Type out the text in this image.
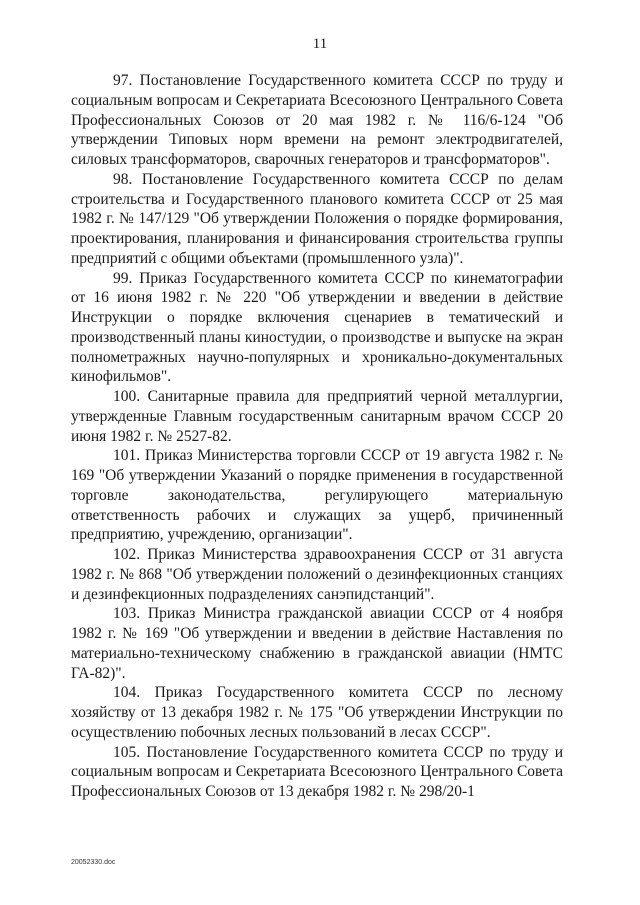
11

97. Постановление Государственного комитета СССР по труду и социальным вопросам и Секретариата Всесоюзного Центрального Совета Профессиональных Союзов от 20 мая 1982 г. № 116/6-124 "Об утверждении Типовых норм времени на ремонт электродвигателей, силовых трансформаторов, сварочных генераторов и трансформаторов".

98. Постановление Государственного комитета СССР по делам строительства и Государственного планового комитета СССР от 25 мая 1982 г. № 147/129 "Об утверждении Положения о порядке формирования, проектирования, планирования и финансирования строительства группы предприятий с общими объектами (промышленного узла)".

99. Приказ Государственного комитета СССР по кинематографии от 16 июня 1982 г. № 220 "Об утверждении и введении в действие Инструкции о порядке включения сценариев в тематический и производственный планы киностудии, о производстве и выпуске на экран полнометражных научно-популярных и хроникально-документальных кинофильмов".

100. Санитарные правила для предприятий черной металлургии, утвержденные Главным государственным санитарным врачом СССР 20 июня 1982 г. № 2527-82.

101. Приказ Министерства торговли СССР от 19 августа 1982 г. № 169 "Об утверждении Указаний о порядке применения в государственной торговле законодательства, регулирующего материальную ответственность рабочих и служащих за ущерб, причиненный предприятию, учреждению, организации".

102. Приказ Министерства здравоохранения СССР от 31 августа 1982 г. № 868 "Об утверждении положений о дезинфекционных станциях и дезинфекционных подразделениях санэпидстанций".

103. Приказ Министра гражданской авиации СССР от 4 ноября 1982 г. № 169 "Об утверждении и введении в действие Наставления по материально-техническому снабжению в гражданской авиации (НМТС ГА-82)".

104. Приказ Государственного комитета СССР по лесному хозяйству от 13 декабря 1982 г. № 175 "Об утверждении Инструкции по осуществлению побочных лесных пользований в лесах СССР".

105. Постановление Государственного комитета СССР по труду и социальным вопросам и Секретариата Всесоюзного Центрального Совета Профессиональных Союзов от 13 декабря 1982 г. № 298/20-1

20052330.doc
